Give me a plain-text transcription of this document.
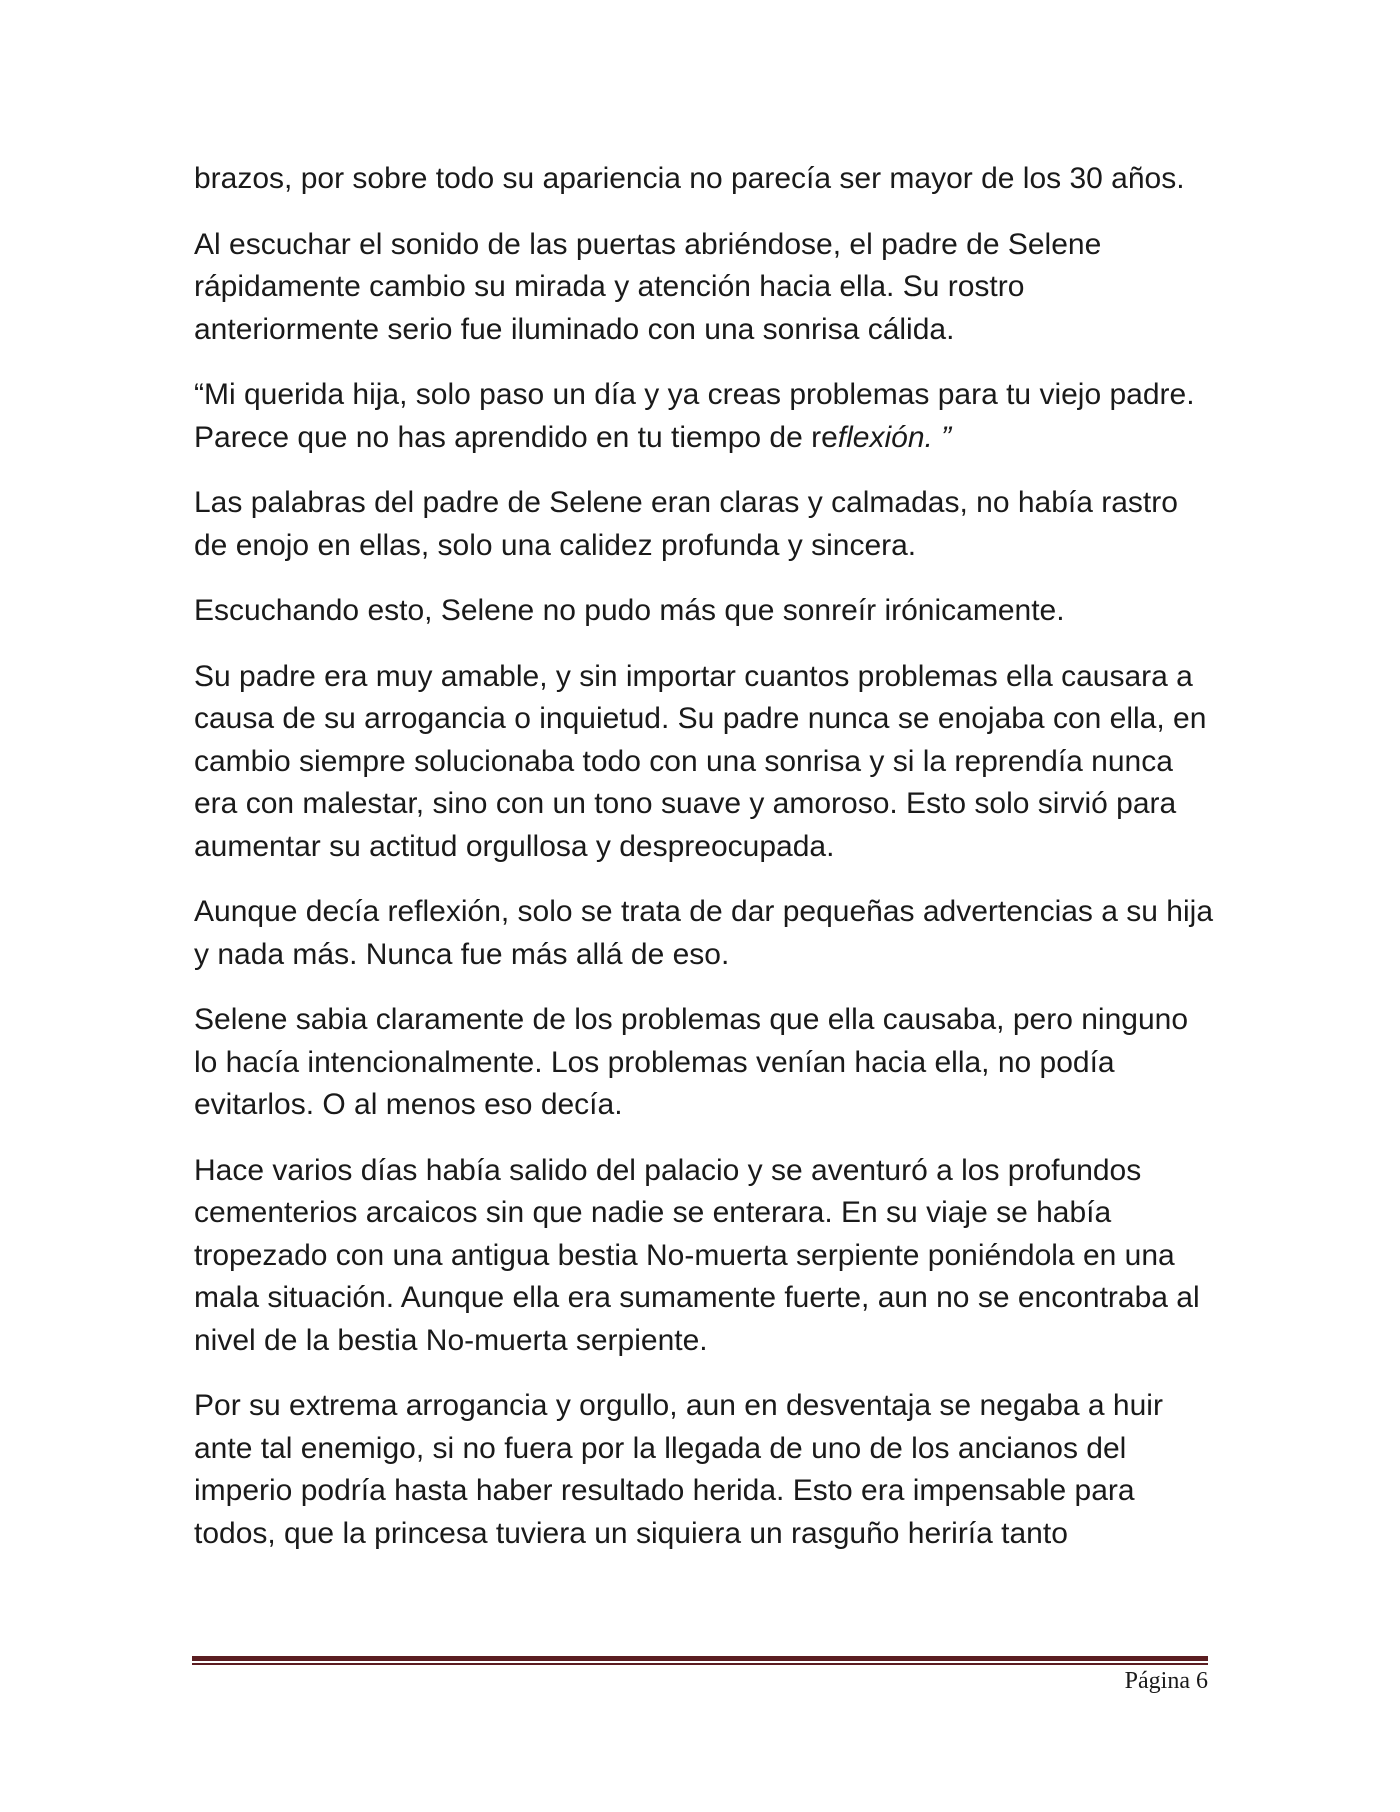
brazos, por sobre todo su apariencia no parecía ser mayor de los 30 años.

Al escuchar el sonido de las puertas abriéndose, el padre de Selene rápidamente cambio su mirada y atención hacia ella. Su rostro anteriormente serio fue iluminado con una sonrisa cálida.

“Mi querida hija, solo paso un día y ya creas problemas para tu viejo padre. Parece que no has aprendido en tu tiempo de reflexión. ”

Las palabras del padre de Selene eran claras y calmadas, no había rastro de enojo en ellas, solo una calidez profunda y sincera.

Escuchando esto, Selene no pudo más que sonreír irónicamente.

Su padre era muy amable, y sin importar cuantos problemas ella causara a causa de su arrogancia o inquietud. Su padre nunca se enojaba con ella, en cambio siempre solucionaba todo con una sonrisa y si la reprendía nunca era con malestar, sino con un tono suave y amoroso. Esto solo sirvió para aumentar su actitud orgullosa y despreocupada.

Aunque decía reflexión, solo se trata de dar pequeñas advertencias a su hija y nada más. Nunca fue más allá de eso.

Selene sabia claramente de los problemas que ella causaba, pero ninguno lo hacía intencionalmente. Los problemas venían hacia ella, no podía evitarlos. O al menos eso decía.

Hace varios días había salido del palacio y se aventuró a los profundos cementerios arcaicos sin que nadie se enterara. En su viaje se había tropezado con una antigua bestia No-muerta serpiente poniéndola en una mala situación. Aunque ella era sumamente fuerte, aun no se encontraba al nivel de la bestia No-muerta serpiente.

Por su extrema arrogancia y orgullo, aun en desventaja se negaba a huir ante tal enemigo, si no fuera por la llegada de uno de los ancianos del imperio podría hasta haber resultado herida. Esto era impensable para todos, que la princesa tuviera un siquiera un rasguño heriría tanto

Página 6
